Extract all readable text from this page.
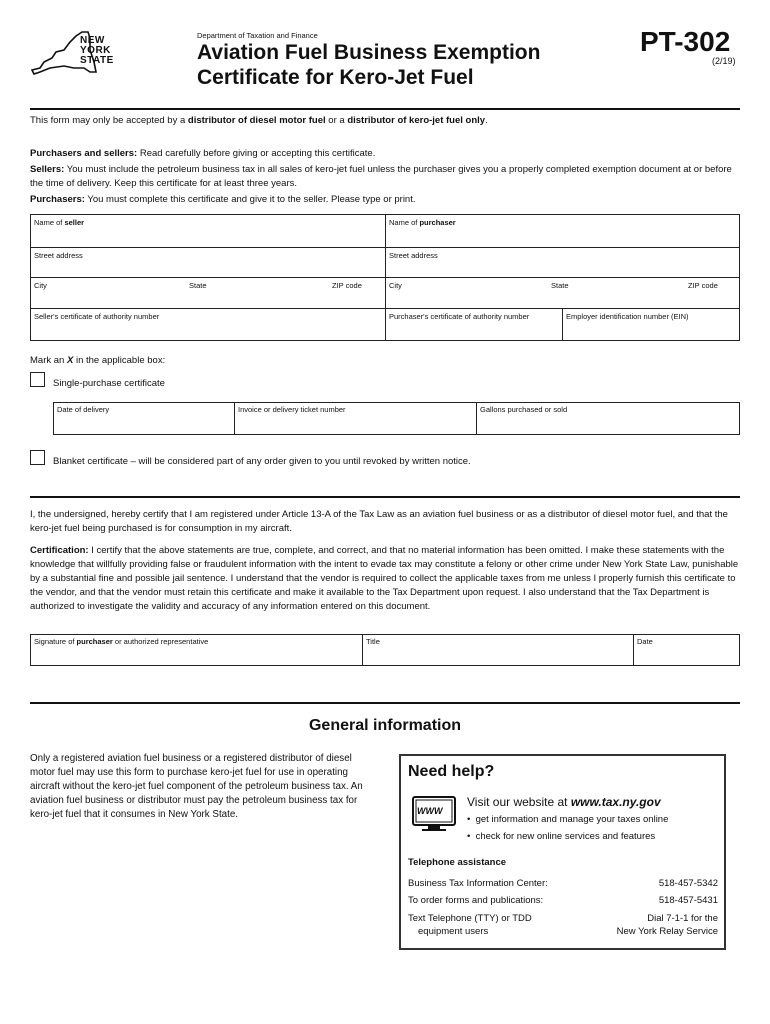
NEW
YORK
STATE
Department of Taxation and Finance
Aviation Fuel Business Exemption
Certificate for Kero-Jet Fuel
PT-302
(2/19)
This form may only be accepted by a distributor of diesel motor fuel or a distributor of kero-jet fuel only.
Purchasers and sellers: Read carefully before giving or accepting this certificate.
Sellers: You must include the petroleum business tax in all sales of kero-jet fuel unless the purchaser gives you a properly completed exemption document at or before the time of delivery. Keep this certificate for at least three years.
Purchasers: You must complete this certificate and give it to the seller. Please type or print.
Name of seller	Name of purchaser
Street address	Street address
City	State	ZIP code	City	State	ZIP code
Seller's certificate of authority number	Purchaser's certificate of authority number	Employer identification number (EIN)
Mark an X in the applicable box:
Single-purchase certificate
Date of delivery	Invoice or delivery ticket number	Gallons purchased or sold
Blanket certificate – will be considered part of any order given to you until revoked by written notice.
I, the undersigned, hereby certify that I am registered under Article 13-A of the Tax Law as an aviation fuel business or as a distributor of diesel motor fuel, and that the kero-jet fuel being purchased is for consumption in my aircraft.
Certification: I certify that the above statements are true, complete, and correct, and that no material information has been omitted. I make these statements with the knowledge that willfully providing false or fraudulent information with the intent to evade tax may constitute a felony or other crime under New York State Law, punishable by a substantial fine and possible jail sentence. I understand that the vendor is required to collect the applicable taxes from me unless I properly furnish this certificate to the vendor, and that the vendor must retain this certificate and make it available to the Tax Department upon request. I also understand that the Tax Department is authorized to investigate the validity and accuracy of any information entered on this document.
Signature of purchaser or authorized representative	Title	Date
General information
Only a registered aviation fuel business or a registered distributor of diesel motor fuel may use this form to purchase kero-jet fuel for use in operating aircraft without the kero-jet fuel component of the petroleum business tax. An aviation fuel business or distributor must pay the petroleum business tax for kero-jet fuel that it consumes in New York State.
Need help?
WWW
Visit our website at www.tax.ny.gov
•  get information and manage your taxes online
•  check for new online services and features
Telephone assistance
Business Tax Information Center:	518-457-5342
To order forms and publications:	518-457-5431
Text Telephone (TTY) or TDD
equipment users
Dial 7-1-1 for the
New York Relay Service
